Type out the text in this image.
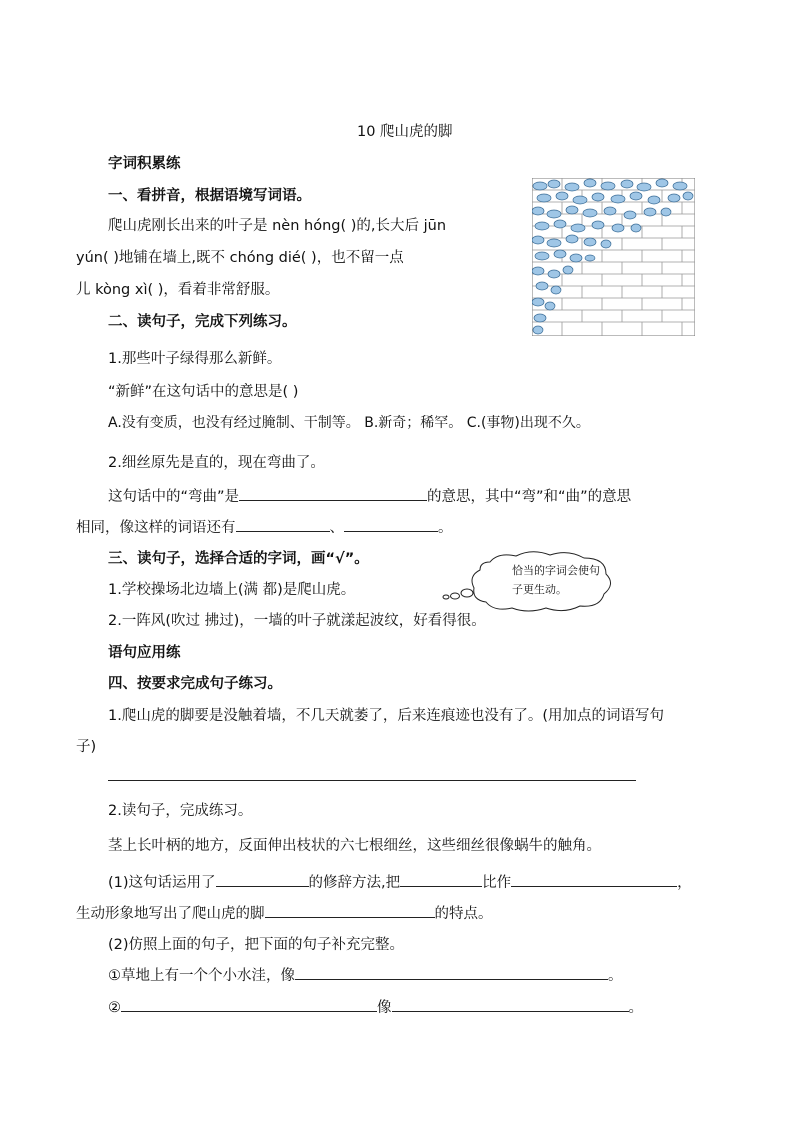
10 爬山虎的脚
字词积累练
一、看拼音，根据语境写词语。
爬山虎刚长出来的叶子是 nèn hóng( )的,长大后 jūn
yún( )地铺在墙上,既不 chóng dié( )，也不留一点
儿 kòng xì( )，看着非常舒服。
二、读句子，完成下列练习。
1.那些叶子绿得那么新鲜。
“新鲜”在这句话中的意思是( )
A.没有变质，也没有经过腌制、干制等。 B.新奇；稀罕。 C.(事物)出现不久。
2.细丝原先是直的，现在弯曲了。
这句话中的“弯曲”是	的意思，其中“弯”和“曲”的意思
相同，像这样的词语还有	、	。
三、读句子，选择合适的字词，画“√”。
1.学校操场北边墙上(满 都)是爬山虎。
2.一阵风(吹过 拂过)，一墙的叶子就漾起波纹，好看得很。
恰当的字词会使句
子更生动。
语句应用练
四、按要求完成句子练习。
1.爬山虎的脚要是没触着墙，不几天就萎了，后来连痕迹也没有了。(用加点的词语写句
子)
2.读句子，完成练习。
茎上长叶柄的地方，反面伸出枝状的六七根细丝，这些细丝很像蜗牛的触角。
(1)这句话运用了	的修辞方法,把	比作	，
生动形象地写出了爬山虎的脚	的特点。
(2)仿照上面的句子，把下面的句子补充完整。
①草地上有一个个小水洼，像	。
②	像	。
